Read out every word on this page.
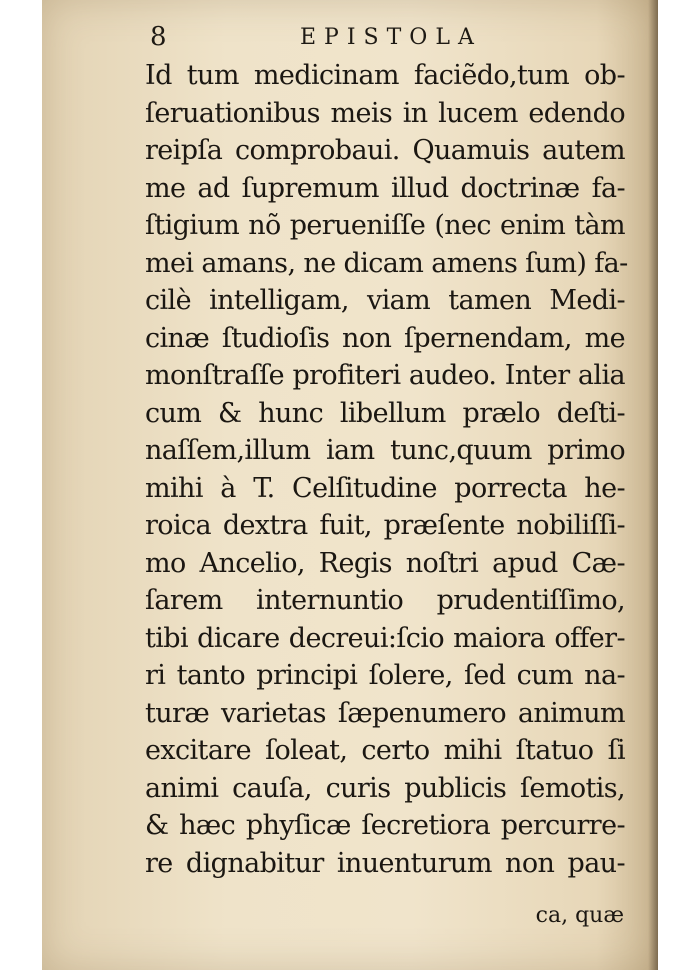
8	EPISTOLA
Id tum medicinam faciẽdo,tum ob-
ſeruationibus meis in lucem edendo
reipſa comprobaui. Quamuis autem
me ad ſupremum illud doctrinæ fa-
ſtigium nõ perueniſſe (nec enim tàm
mei amans, ne dicam amens ſum) fa-
cilè intelligam, viam tamen Medi-
cinæ ſtudioſis non ſpernendam, me
monſtraſſe profiteri audeo. Inter alia
cum & hunc libellum prælo deſti-
naſſem,illum iam tunc,quum primo
mihi à T. Celſitudine porrecta he-
roica dextra fuit, præſente nobiliſſi-
mo Ancelio, Regis noſtri apud Cæ-
ſarem internuntio prudentiſſimo,
tibi dicare decreui:ſcio maiora offer-
ri tanto principi ſolere, ſed cum na-
turæ varietas ſæpenumero animum
excitare ſoleat, certo mihi ſtatuo ſi
animi cauſa, curis publicis ſemotis,
& hæc phyſicæ ſecretiora percurre-
re dignabitur inuenturum non pau-
ca, quæ
